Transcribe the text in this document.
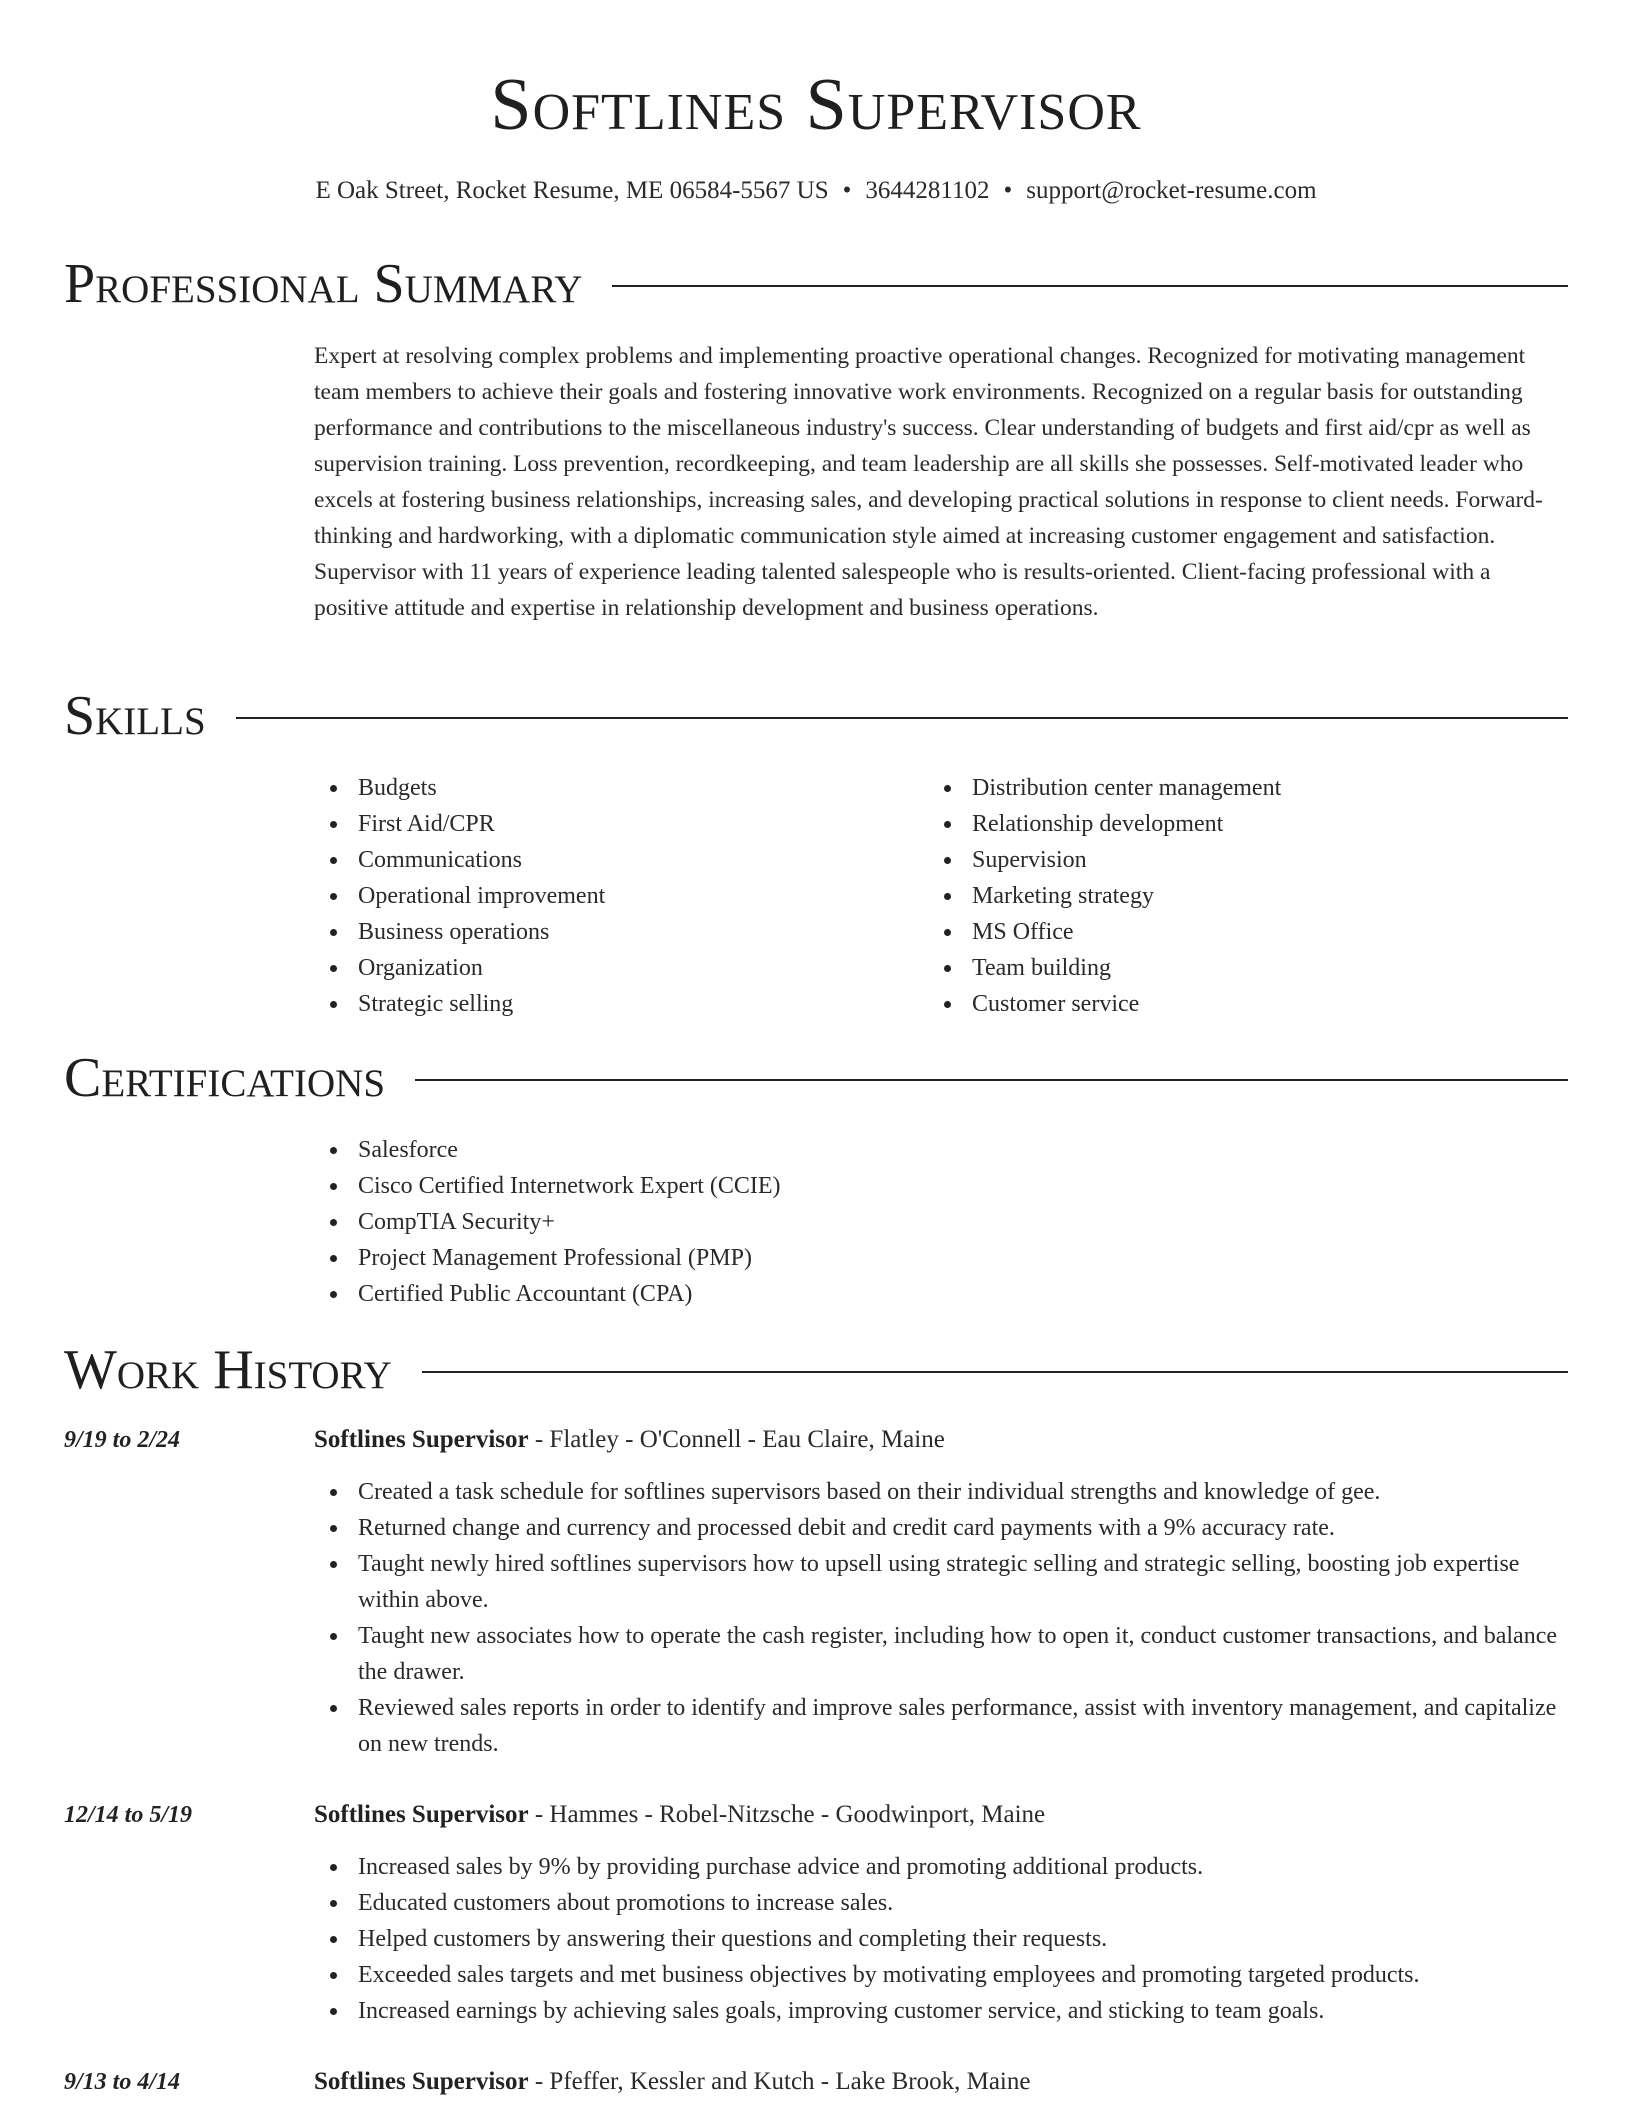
Softlines Supervisor
E Oak Street, Rocket Resume, ME 06584-5567 US • 3644281102 • support@rocket-resume.com
Professional Summary

Expert at resolving complex problems and implementing proactive operational changes. Recognized for motivating management team members to achieve their goals and fostering innovative work environments. Recognized on a regular basis for outstanding performance and contributions to the miscellaneous industry's success. Clear understanding of budgets and first aid/cpr as well as supervision training. Loss prevention, recordkeeping, and team leadership are all skills she possesses. Self-motivated leader who excels at fostering business relationships, increasing sales, and developing practical solutions in response to client needs. Forward-thinking and hardworking, with a diplomatic communication style aimed at increasing customer engagement and satisfaction. Supervisor with 11 years of experience leading talented salespeople who is results-oriented. Client-facing professional with a positive attitude and expertise in relationship development and business operations.

Skills
Budgets
First Aid/CPR
Communications
Operational improvement
Business operations
Organization
Strategic selling
Distribution center management
Relationship development
Supervision
Marketing strategy
MS Office
Team building
Customer service
Certifications
Salesforce
Cisco Certified Internetwork Expert (CCIE)
CompTIA Security+
Project Management Professional (PMP)
Certified Public Accountant (CPA)
Work History
9/19 to 2/24	Softlines Supervisor - Flatley - O'Connell - Eau Claire, Maine
Created a task schedule for softlines supervisors based on their individual strengths and knowledge of gee.
Returned change and currency and processed debit and credit card payments with a 9% accuracy rate.
Taught newly hired softlines supervisors how to upsell using strategic selling and strategic selling, boosting job expertise within above.
Taught new associates how to operate the cash register, including how to open it, conduct customer transactions, and balance the drawer.
Reviewed sales reports in order to identify and improve sales performance, assist with inventory management, and capitalize on new trends.
12/14 to 5/19	Softlines Supervisor - Hammes - Robel-Nitzsche - Goodwinport, Maine
Increased sales by 9% by providing purchase advice and promoting additional products.
Educated customers about promotions to increase sales.
Helped customers by answering their questions and completing their requests.
Exceeded sales targets and met business objectives by motivating employees and promoting targeted products.
Increased earnings by achieving sales goals, improving customer service, and sticking to team goals.
9/13 to 4/14	Softlines Supervisor - Pfeffer, Kessler and Kutch - Lake Brook, Maine
